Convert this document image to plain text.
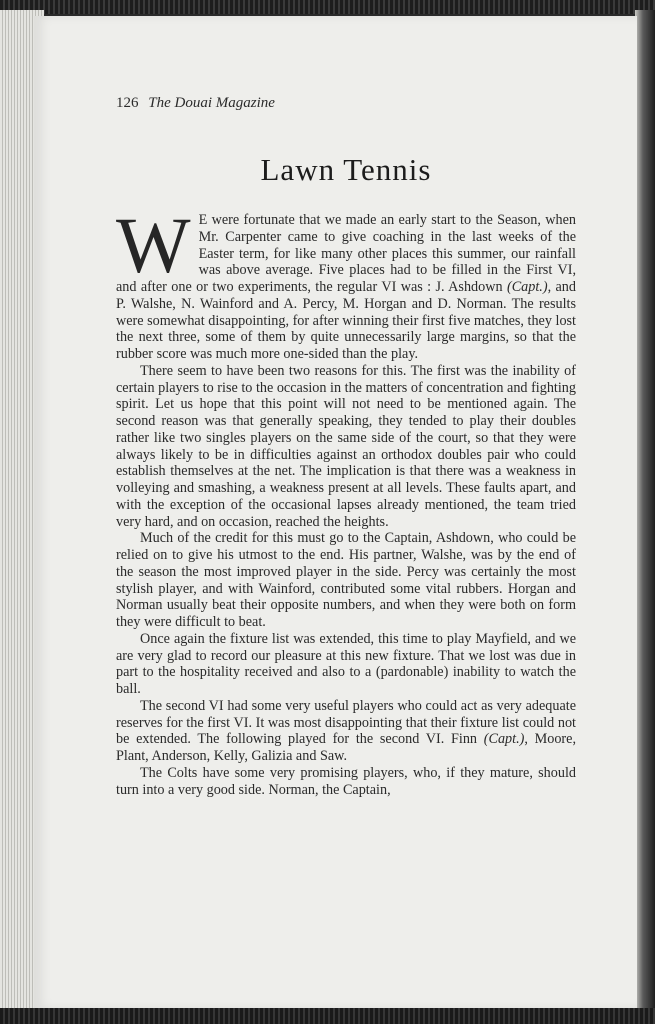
126 The Douai Magazine
Lawn Tennis

W E were fortunate that we made an early start to the Season, when Mr. Carpenter came to give coaching in the last weeks of the Easter term, for like many other places this summer, our rainfall was above average. Five places had to be filled in the First VI, and after one or two experiments, the regular VI was : J. Ashdown (Capt.), and P. Walshe, N. Wainford and A. Percy, M. Horgan and D. Norman. The results were somewhat disappointing, for after winning their first five matches, they lost the next three, some of them by quite unnecessarily large margins, so that the rubber score was much more one-sided than the play.

There seem to have been two reasons for this. The first was the inability of certain players to rise to the occasion in the matters of concentration and fighting spirit. Let us hope that this point will not need to be mentioned again. The second reason was that generally speaking, they tended to play their doubles rather like two singles players on the same side of the court, so that they were always likely to be in difficulties against an orthodox doubles pair who could establish themselves at the net. The implication is that there was a weakness in volleying and smashing, a weakness present at all levels. These faults apart, and with the exception of the occasional lapses already mentioned, the team tried very hard, and on occasion, reached the heights.

Much of the credit for this must go to the Captain, Ashdown, who could be relied on to give his utmost to the end. His partner, Walshe, was by the end of the season the most improved player in the side. Percy was certainly the most stylish player, and with Wainford, contributed some vital rubbers. Horgan and Norman usually beat their opposite numbers, and when they were both on form they were difficult to beat.

Once again the fixture list was extended, this time to play Mayfield, and we are very glad to record our pleasure at this new fixture. That we lost was due in part to the hospitality received and also to a (pardonable) inability to watch the ball.

The second VI had some very useful players who could act as very adequate reserves for the first VI. It was most disappointing that their fixture list could not be extended. The following played for the second VI. Finn (Capt.), Moore, Plant, Anderson, Kelly, Galizia and Saw.

The Colts have some very promising players, who, if they mature, should turn into a very good side. Norman, the Captain,
